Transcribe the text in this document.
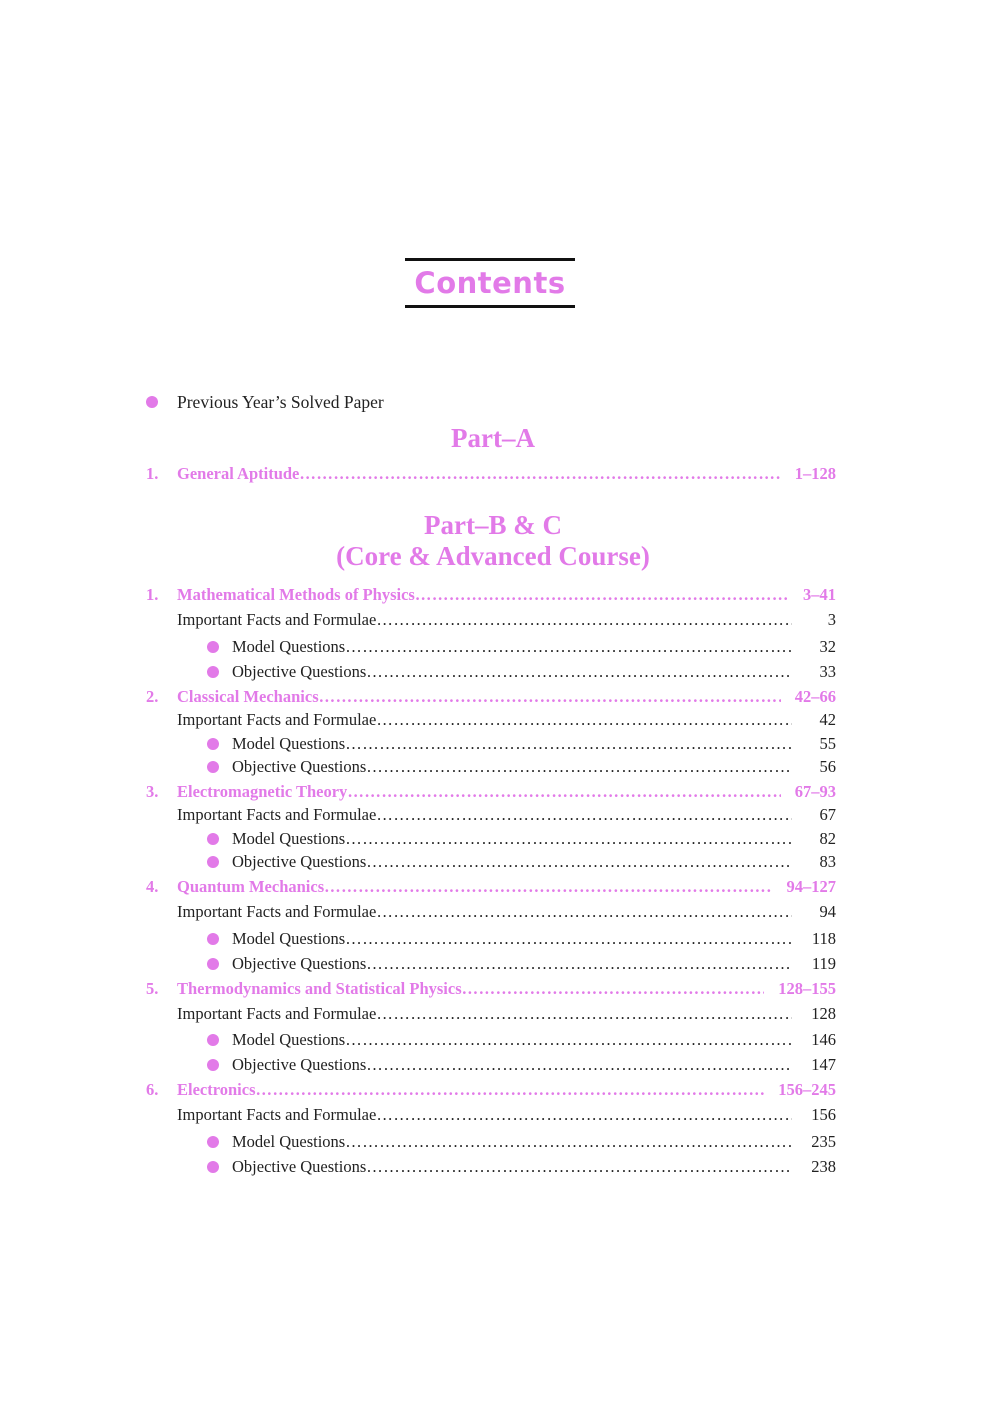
Contents
Previous Year’s Solved Paper
Part–A
1.	General Aptitude ……………………………………………………………………………………………………………………………………………………	1–128
Part–B & C
(Core & Advanced Course)
1.	Mathematical Methods of Physics ……………………………………………………………………………………………………………………………………………………	3–41
Important Facts and Formulae ……………………………………………………………………………………………………………………………………………………	3
Model Questions ……………………………………………………………………………………………………………………………………………………	32
Objective Questions ……………………………………………………………………………………………………………………………………………………	33
2.	Classical Mechanics ……………………………………………………………………………………………………………………………………………………	42–66
Important Facts and Formulae ……………………………………………………………………………………………………………………………………………………	42
Model Questions ……………………………………………………………………………………………………………………………………………………	55
Objective Questions ……………………………………………………………………………………………………………………………………………………	56
3.	Electromagnetic Theory ……………………………………………………………………………………………………………………………………………………	67–93
Important Facts and Formulae ……………………………………………………………………………………………………………………………………………………	67
Model Questions ……………………………………………………………………………………………………………………………………………………	82
Objective Questions ……………………………………………………………………………………………………………………………………………………	83
4.	Quantum Mechanics ……………………………………………………………………………………………………………………………………………………	94–127
Important Facts and Formulae ……………………………………………………………………………………………………………………………………………………	94
Model Questions ……………………………………………………………………………………………………………………………………………………	118
Objective Questions ……………………………………………………………………………………………………………………………………………………	119
5.	Thermodynamics and Statistical Physics ……………………………………………………………………………………………………………………………………………………	128–155
Important Facts and Formulae ……………………………………………………………………………………………………………………………………………………	128
Model Questions ……………………………………………………………………………………………………………………………………………………	146
Objective Questions ……………………………………………………………………………………………………………………………………………………	147
6.	Electronics ……………………………………………………………………………………………………………………………………………………	156–245
Important Facts and Formulae ……………………………………………………………………………………………………………………………………………………	156
Model Questions ……………………………………………………………………………………………………………………………………………………	235
Objective Questions ……………………………………………………………………………………………………………………………………………………	238
